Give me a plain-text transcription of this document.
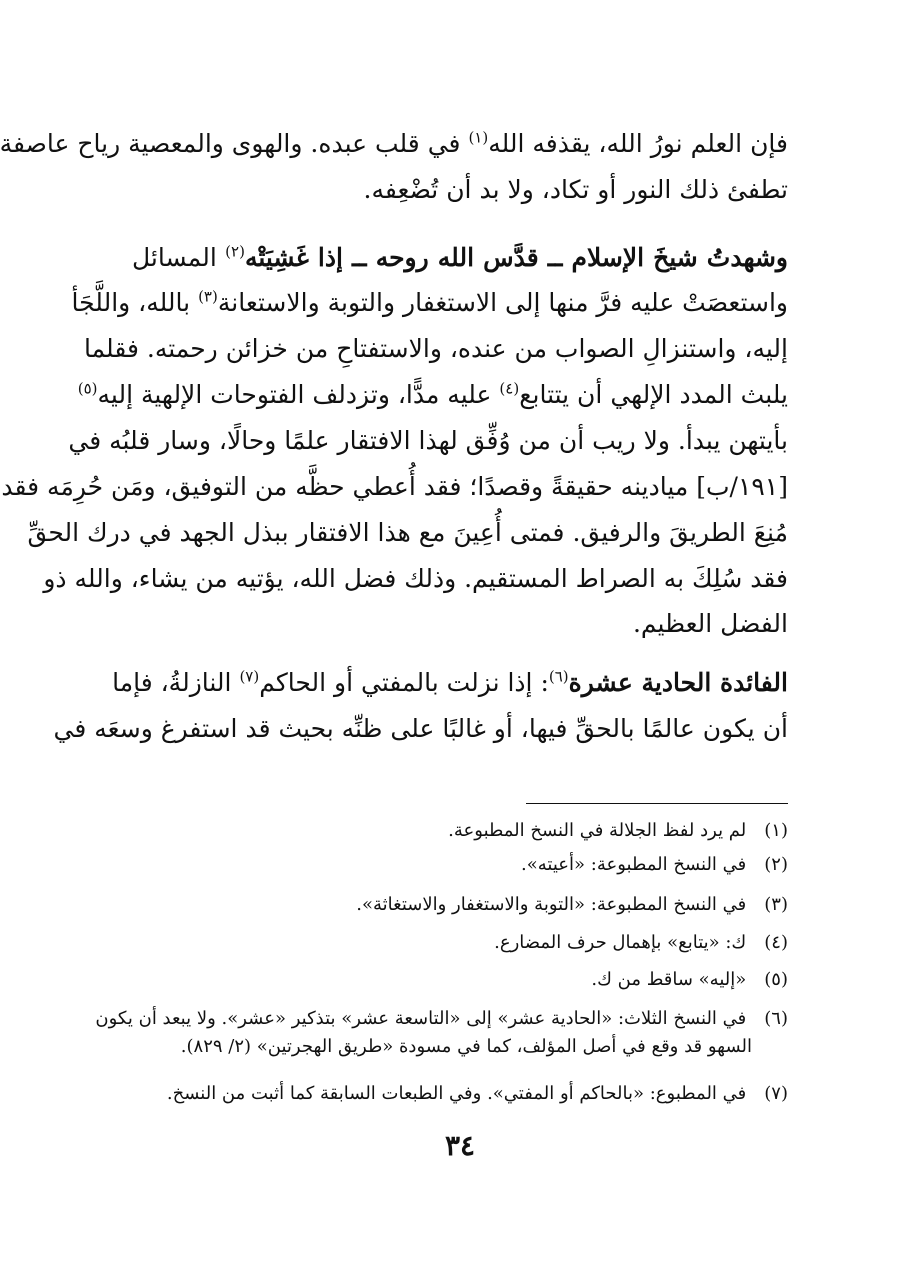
فإن العلم نورُ الله، يقذفه الله$^{(١)}$ في قلب عبده. والهوى والمعصية رياح عاصفة
تطفئ ذلك النور أو تكاد، ولا بد أن تُضْعِفه.
وشهدتُ شيخَ الإسلام ــ قدَّس الله روحه ــ إذا غَشِيَتْه$^{(٢)}$ المسائل
واستعصَتْ عليه فرَّ منها إلى الاستغفار والتوبة والاستعانة$^{(٣)}$ بالله، واللَّجَأ
إليه، واستنزالِ الصواب من عنده، والاستفتاحِ من خزائن رحمته. فقلما
يلبث المدد الإلهي أن يتتابع$^{(٤)}$ عليه مدًّا، وتزدلف الفتوحات الإلهية إليه$^{(٥)}$
بأيتهن يبدأ. ولا ريب أن من وُفِّق لهذا الافتقار علمًا وحالًا، وسار قلبُه في
[١٩١/ب] ميادينه حقيقةً وقصدًا؛ فقد أُعطي حظَّه من التوفيق، ومَن حُرِمَه فقد
مُنِعَ الطريقَ والرفيق. فمتى أُعِينَ مع هذا الافتقار ببذل الجهد في درك الحقِّ
فقد سُلِكَ به الصراط المستقيم. وذلك فضل الله، يؤتيه من يشاء، والله ذو
الفضل العظيم.
الفائدة الحادية عشرة$^{(٦)}$: إذا نزلت بالمفتي أو الحاكم$^{(٧)}$ النازلةُ، فإما
أن يكون عالمًا بالحقِّ فيها، أو غالبًا على ظنِّه بحيث قد استفرغ وسعَه في
(١) لم يرد لفظ الجلالة في النسخ المطبوعة.
(٢) في النسخ المطبوعة: «أعيته».
(٣) في النسخ المطبوعة: «التوبة والاستغفار والاستغاثة».
(٤) ك: «يتابع» بإهمال حرف المضارع.
(٥) «إليه» ساقط من ك.
(٦) في النسخ الثلاث: «الحادية عشر» إلى «التاسعة عشر» بتذكير «عشر». ولا يبعد أن يكون
السهو قد وقع في أصل المؤلف، كما في مسودة «طريق الهجرتين» (٢/ ٨٢٩).
(٧) في المطبوع: «بالحاكم أو المفتي». وفي الطبعات السابقة كما أثبت من النسخ.
٣٤
